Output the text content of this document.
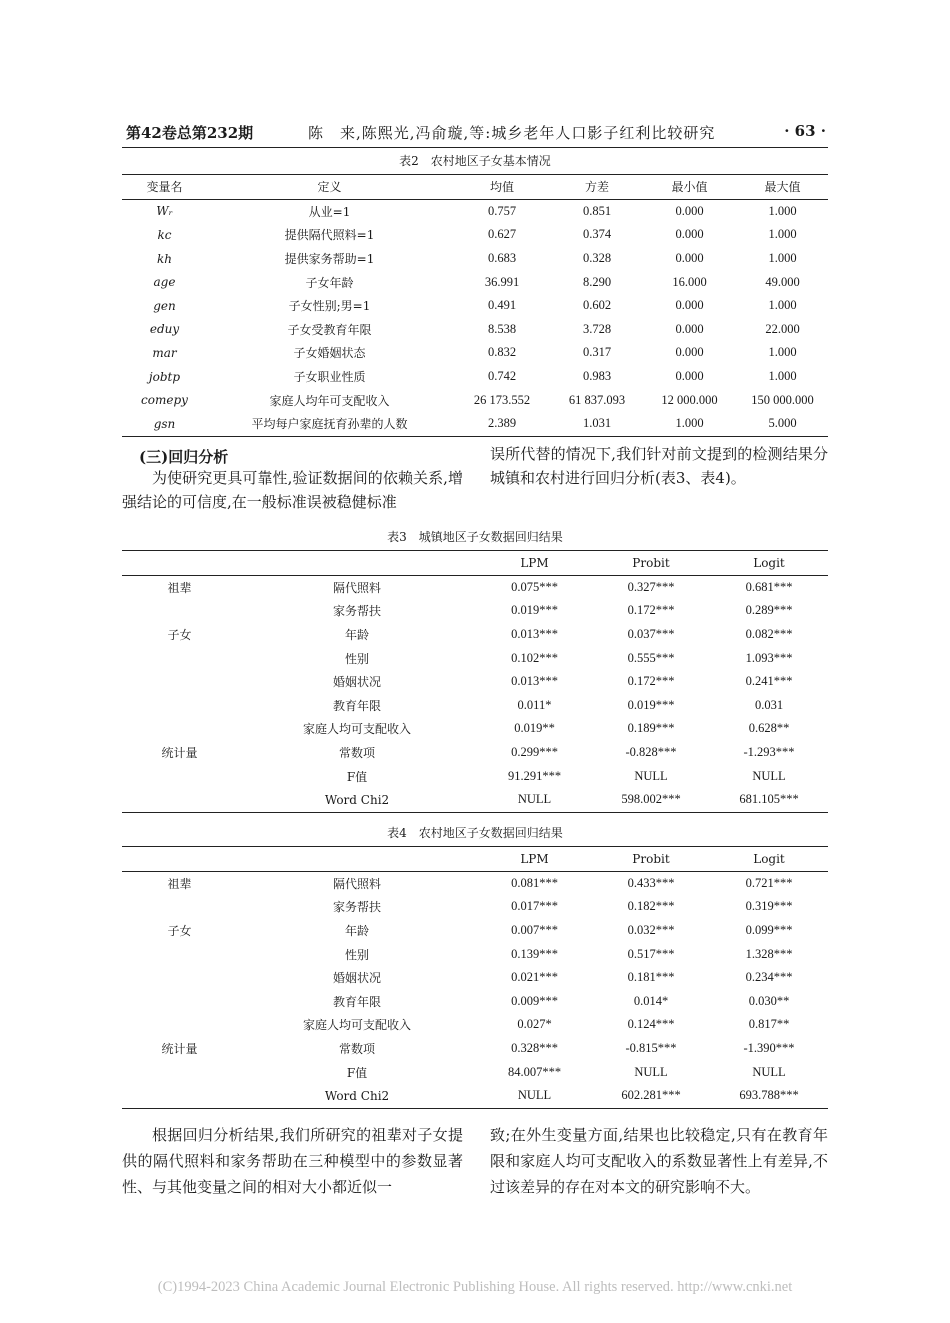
第42卷总第232期	陈　来,陈熙光,冯俞璇,等:城乡老年人口影子红利比较研究	· 63 ·
表2　农村地区子女基本情况
变量名	定义	均值	方差	最小值	最大值
Wᵣ	从业=1	0.757	0.851	0.000	1.000
kc	提供隔代照料=1	0.627	0.374	0.000	1.000
kh	提供家务帮助=1	0.683	0.328	0.000	1.000
age	子女年龄	36.991	8.290	16.000	49.000
gen	子女性别;男=1	0.491	0.602	0.000	1.000
eduy	子女受教育年限	8.538	3.728	0.000	22.000
mar	子女婚姻状态	0.832	0.317	0.000	1.000
jobtp	子女职业性质	0.742	0.983	0.000	1.000
comepy	家庭人均年可支配收入	26 173.552	61 837.093	12 000.000	150 000.000
gsn	平均每户家庭抚育孙辈的人数	2.389	1.031	1.000	5.000
(三)回归分析

为使研究更具可靠性,验证数据间的依赖关系,增强结论的可信度,在一般标准误被稳健标准

误所代替的情况下,我们针对前文提到的检测结果分城镇和农村进行回归分析(表3、表4)。

表3　城镇地区子女数据回归结果
		LPM	Probit	Logit
祖辈	隔代照料	0.075***	0.327***	0.681***
	家务帮扶	0.019***	0.172***	0.289***
子女	年龄	0.013***	0.037***	0.082***
	性别	0.102***	0.555***	1.093***
	婚姻状况	0.013***	0.172***	0.241***
	教育年限	0.011*	0.019***	0.031
	家庭人均可支配收入	0.019**	0.189***	0.628**
统计量	常数项	0.299***	-0.828***	-1.293***
	F值	91.291***	NULL	NULL
	Word Chi2	NULL	598.002***	681.105***
表4　农村地区子女数据回归结果
		LPM	Probit	Logit
祖辈	隔代照料	0.081***	0.433***	0.721***
	家务帮扶	0.017***	0.182***	0.319***
子女	年龄	0.007***	0.032***	0.099***
	性别	0.139***	0.517***	1.328***
	婚姻状况	0.021***	0.181***	0.234***
	教育年限	0.009***	0.014*	0.030**
	家庭人均可支配收入	0.027*	0.124***	0.817**
统计量	常数项	0.328***	-0.815***	-1.390***
	F值	84.007***	NULL	NULL
	Word Chi2	NULL	602.281***	693.788***

根据回归分析结果,我们所研究的祖辈对子女提供的隔代照料和家务帮助在三种模型中的参数显著性、与其他变量之间的相对大小都近似一

致;在外生变量方面,结果也比较稳定,只有在教育年限和家庭人均可支配收入的系数显著性上有差异,不过该差异的存在对本文的研究影响不大。

(C)1994-2023 China Academic Journal Electronic Publishing House. All rights reserved. http://www.cnki.net
